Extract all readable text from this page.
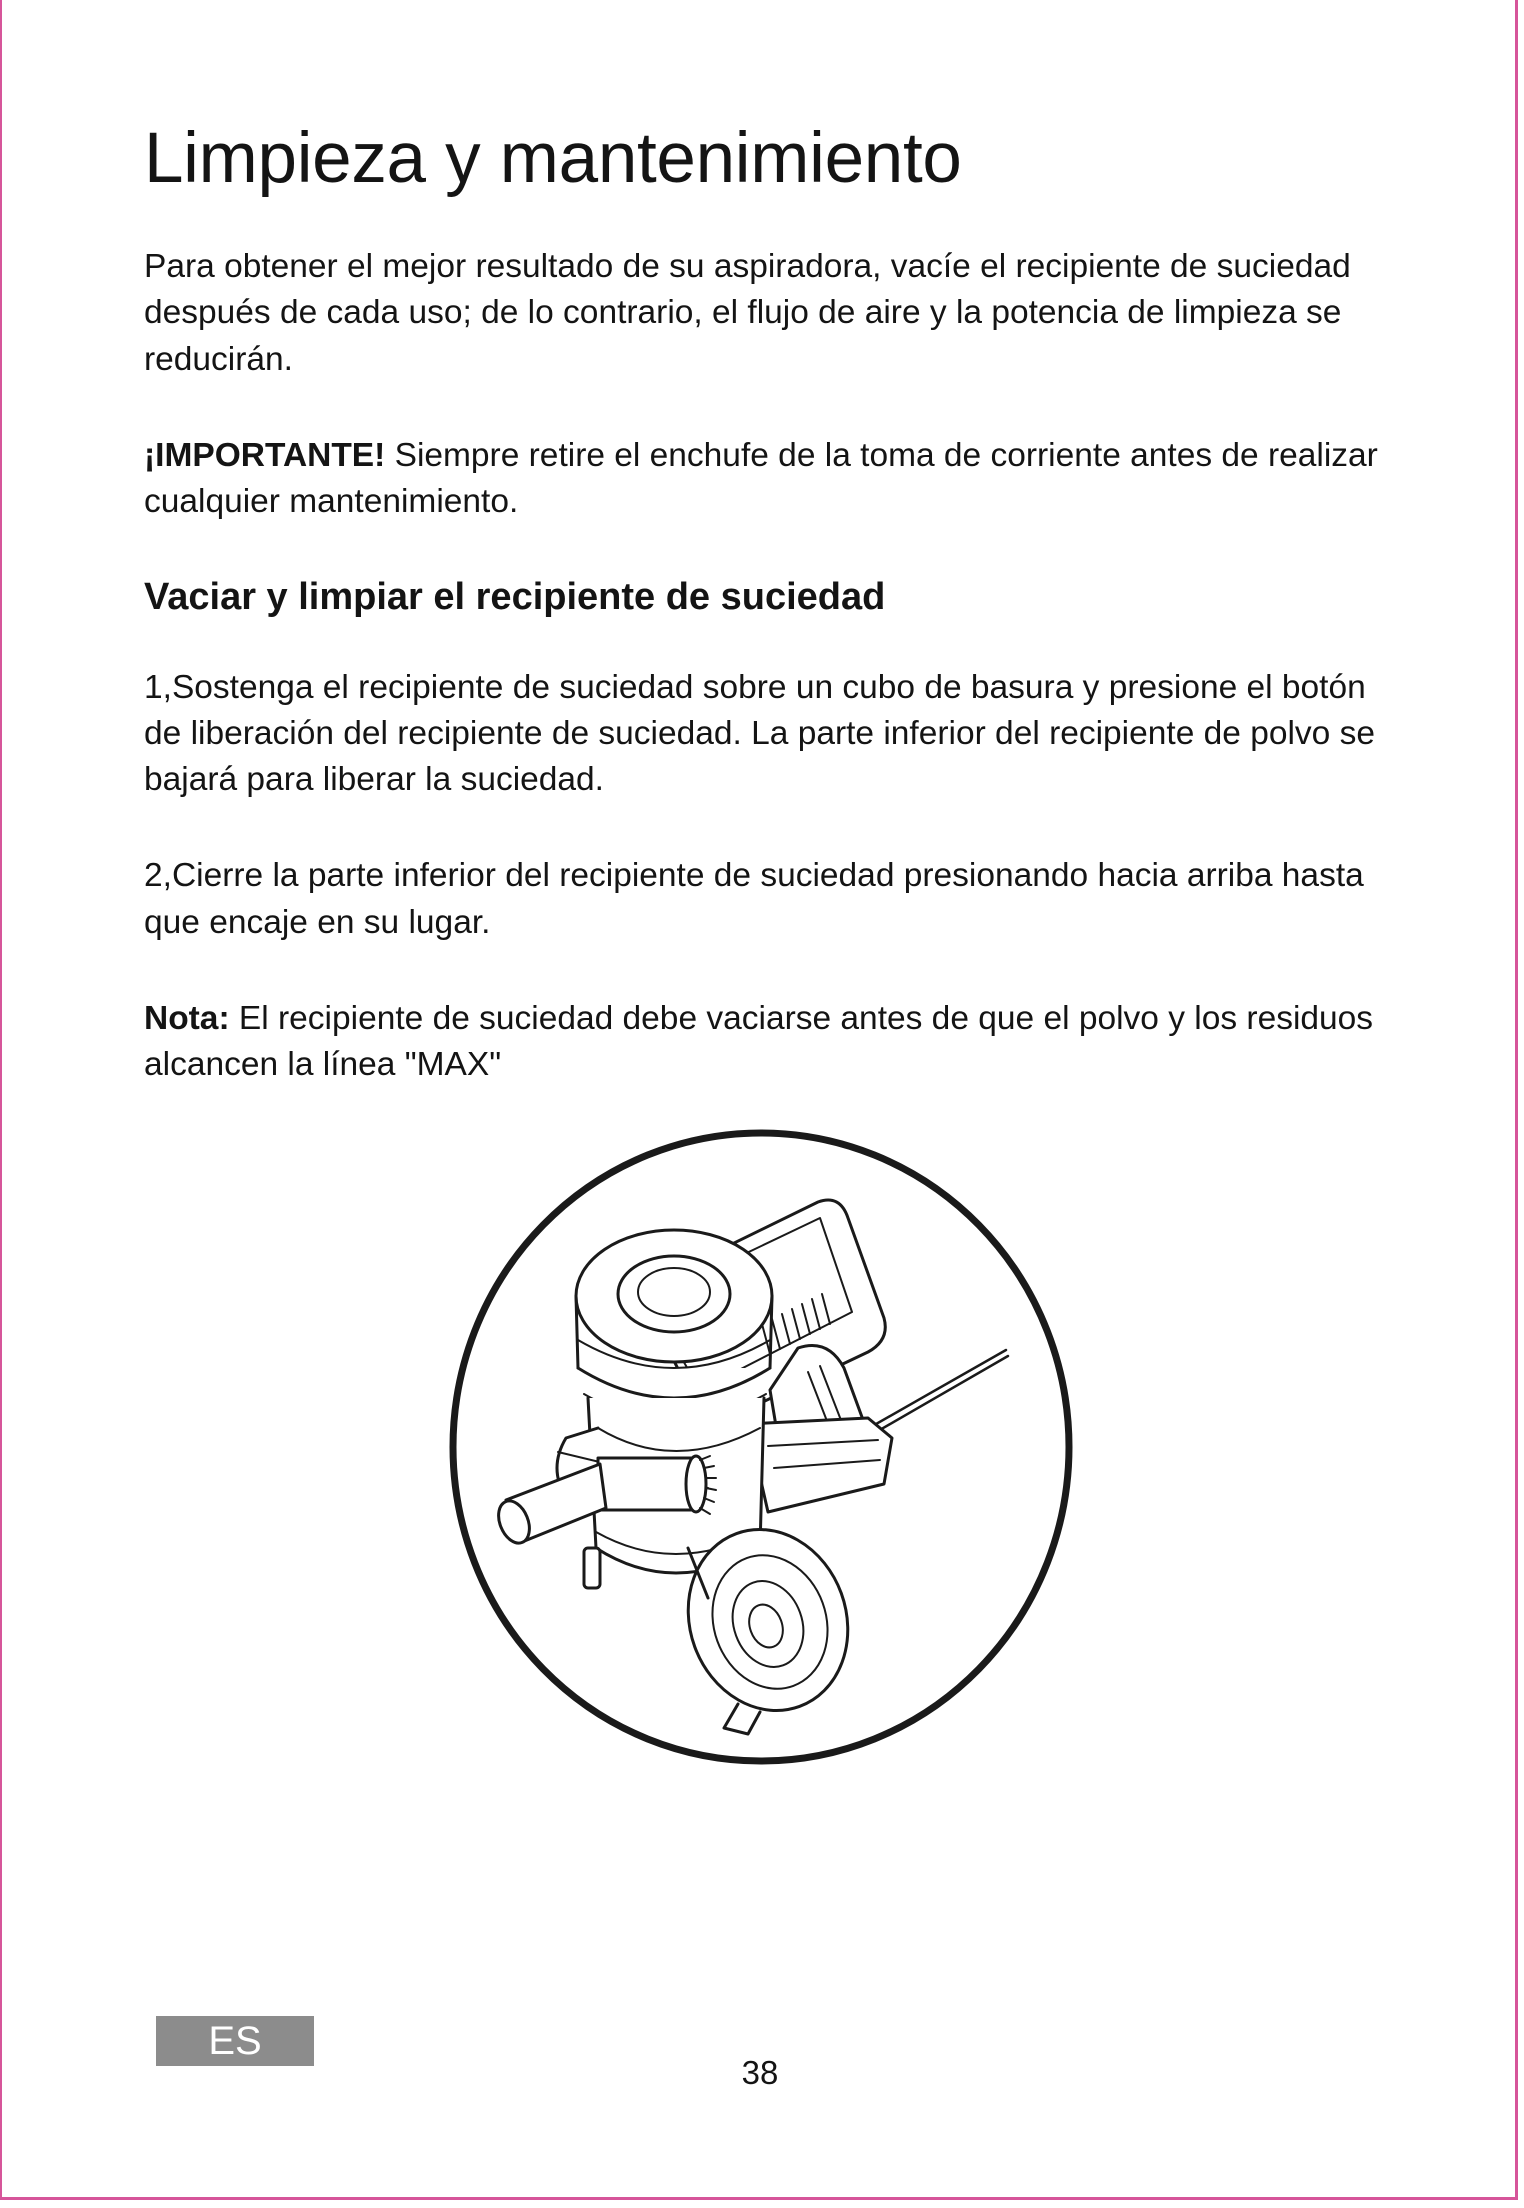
Limpieza y mantenimiento

Para obtener el mejor resultado de su aspiradora, vacíe el recipiente de suciedad después de cada uso; de lo contrario, el flujo de aire y la potencia de limpieza se reducirán.

¡IMPORTANTE! Siempre retire el enchufe de la toma de corriente antes de realizar cualquier mantenimiento.

Vaciar y limpiar el recipiente de suciedad

1,Sostenga el recipiente de suciedad sobre un cubo de basura y presione el botón de liberación del recipiente de suciedad. La parte inferior del recipiente de polvo se bajará para liberar la suciedad.

2,Cierre la parte inferior del recipiente de suciedad presionando hacia arriba hasta que encaje en su lugar.

Nota: El recipiente de suciedad debe vaciarse antes de que el polvo y los residuos alcancen la línea "MAX"

ES
38
